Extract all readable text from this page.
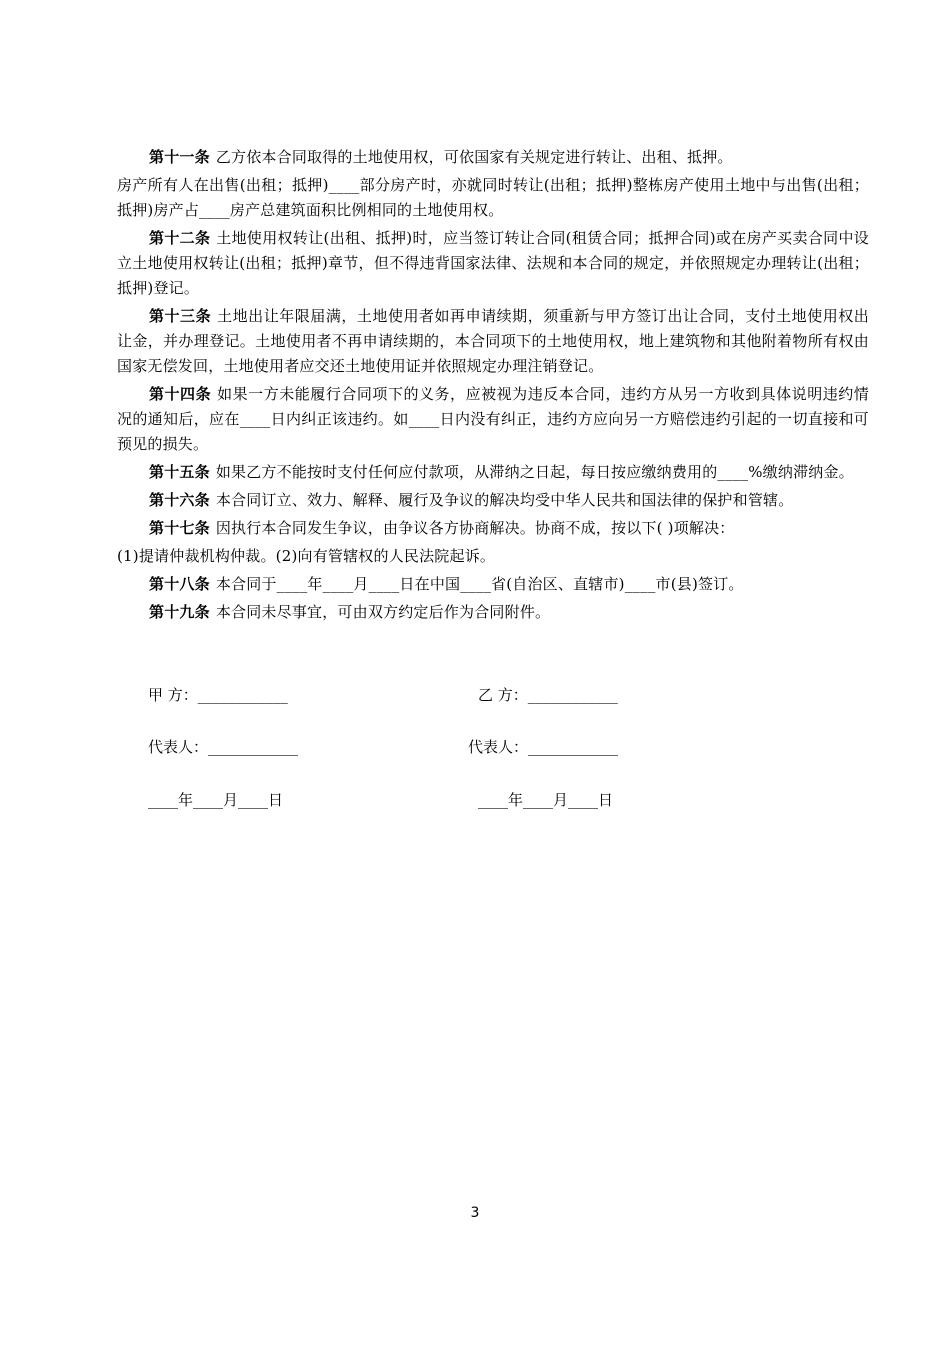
第十一条 乙方依本合同取得的土地使用权，可依国家有关规定进行转让、出租、抵押。

房产所有人在出售(出租；抵押)____部分房产时，亦就同时转让(出租；抵押)整栋房产使用土地中与出售(出租；抵押)房产占____房产总建筑面积比例相同的土地使用权。

第十二条 土地使用权转让(出租、抵押)时，应当签订转让合同(租赁合同；抵押合同)或在房产买卖合同中设立土地使用权转让(出租；抵押)章节，但不得违背国家法律、法规和本合同的规定，并依照规定办理转让(出租；抵押)登记。

第十三条 土地出让年限届满，土地使用者如再申请续期，须重新与甲方签订出让合同，支付土地使用权出让金，并办理登记。土地使用者不再申请续期的，本合同项下的土地使用权，地上建筑物和其他附着物所有权由国家无偿发回，土地使用者应交还土地使用证并依照规定办理注销登记。

第十四条 如果一方未能履行合同项下的义务，应被视为违反本合同，违约方从另一方收到具体说明违约情况的通知后，应在____日内纠正该违约。如____日内没有纠正，违约方应向另一方赔偿违约引起的一切直接和可预见的损失。

第十五条 如果乙方不能按时支付任何应付款项，从滞纳之日起，每日按应缴纳费用的____%缴纳滞纳金。

第十六条 本合同订立、效力、解释、履行及争议的解决均受中华人民共和国法律的保护和管辖。

第十七条 因执行本合同发生争议，由争议各方协商解决。协商不成，按以下( )项解决：

(1)提请仲裁机构仲裁。(2)向有管辖权的人民法院起诉。

第十八条 本合同于____年____月____日在中国____省(自治区、直辖市)____市(县)签订。

第十九条 本合同未尽事宜，可由双方约定后作为合同附件。

甲 方：____________	乙 方：____________
代表人：____________	代表人：____________
____年____月____日	____年____月____日
3
